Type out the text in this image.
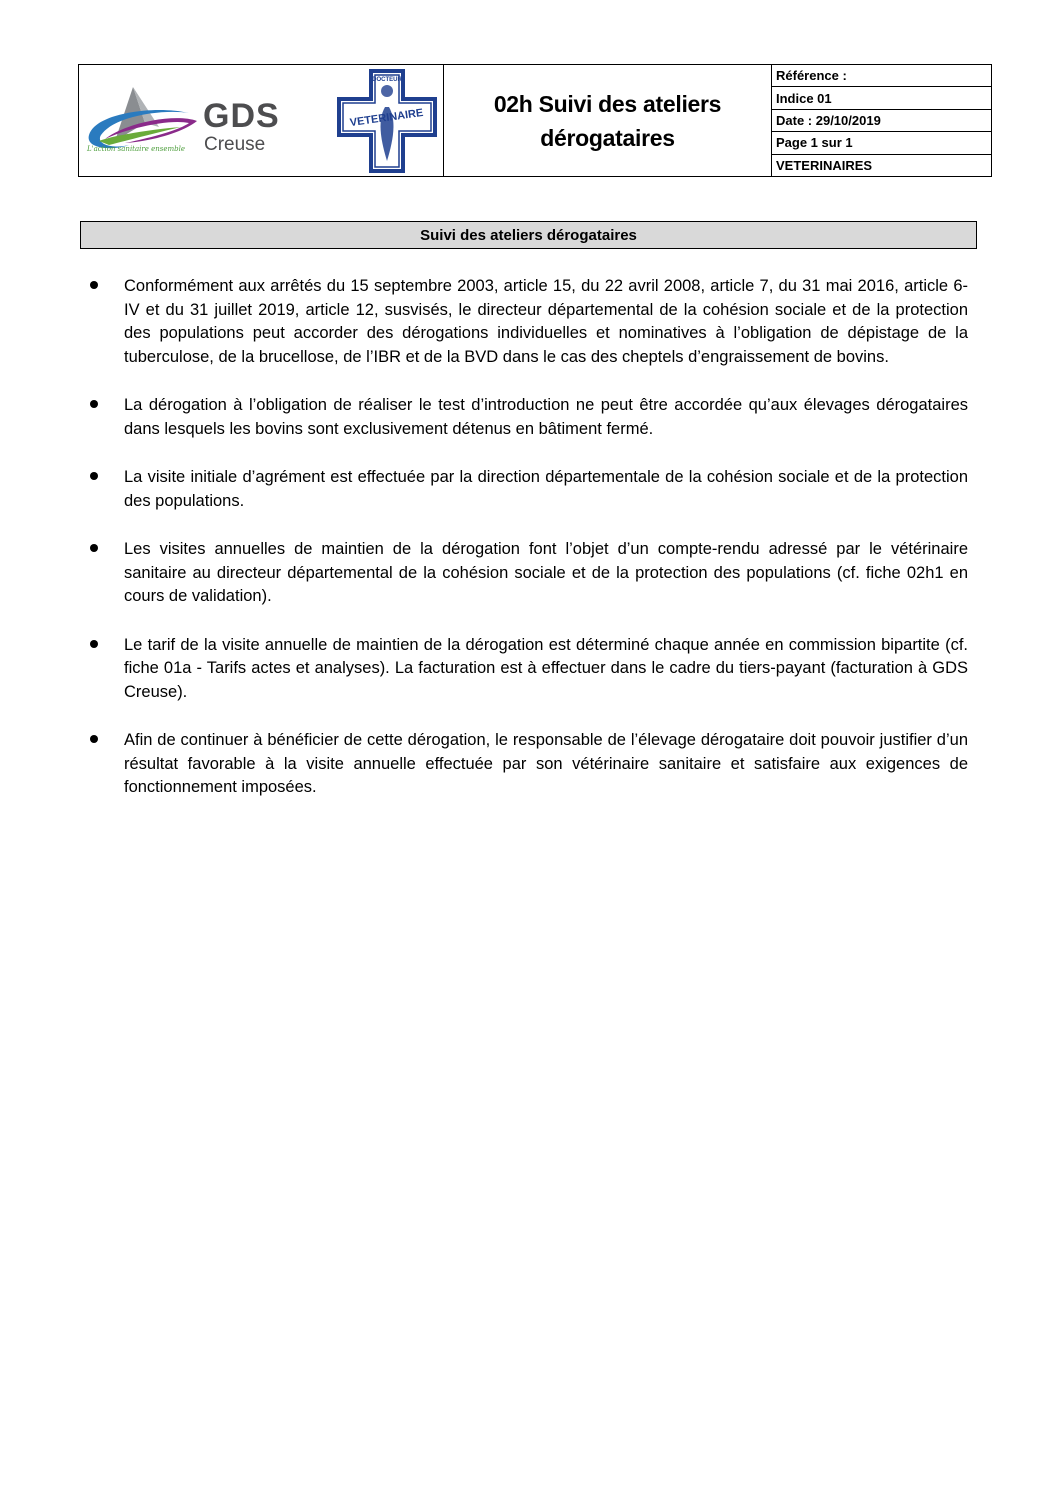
GDS
Creuse
L'action sanitaire ensemble
DOCTEUR
VETERINAIRE
02h Suivi des ateliers
dérogataires
Référence :
Indice 01
Date : 29/10/2019
Page 1 sur 1
VETERINAIRES
Suivi des ateliers dérogataires
Conformément aux arrêtés du 15 septembre 2003, article 15, du 22 avril 2008, article 7, du 31 mai 2016, article 6-IV et du 31 juillet 2019, article 12, susvisés, le directeur départemental de la cohésion sociale et de la protection des populations peut accorder des dérogations individuelles et nominatives à l’obligation de dépistage de la tuberculose, de la brucellose, de l’IBR et de la BVD dans le cas des cheptels d’engraissement de bovins.
La dérogation à l’obligation de réaliser le test d’introduction ne peut être accordée qu’aux élevages dérogataires dans lesquels les bovins sont exclusivement détenus en bâtiment fermé.
La visite initiale d’agrément est effectuée par la direction départementale de la cohésion sociale et de la protection des populations.
Les visites annuelles de maintien de la dérogation font l’objet d’un compte-rendu adressé par le vétérinaire sanitaire au directeur départemental de la cohésion sociale et de la protection des populations (cf. fiche 02h1 en cours de validation).
Le tarif de la visite annuelle de maintien de la dérogation est déterminé chaque année en commission bipartite (cf. fiche 01a - Tarifs actes et analyses). La facturation est à effectuer dans le cadre du tiers-payant (facturation à GDS Creuse).
Afin de continuer à bénéficier de cette dérogation, le responsable de l’élevage dérogataire doit pouvoir justifier d’un résultat favorable à la visite annuelle effectuée par son vétérinaire sanitaire et satisfaire aux exigences de fonctionnement imposées.
